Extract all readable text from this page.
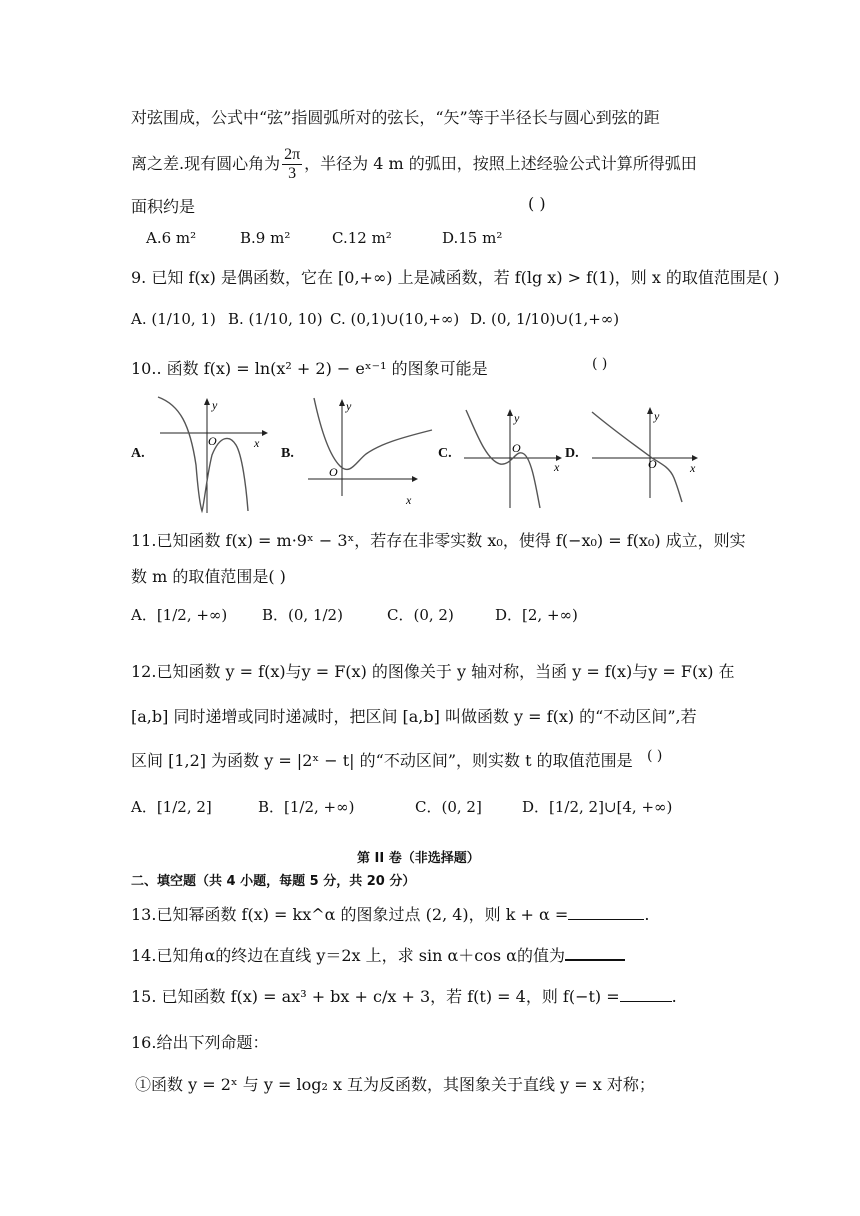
对弦围成，公式中“弦”指圆弧所对的弦长，“矢”等于半径长与圆心到弦的距
离之差.现有圆心角为 $\frac{2\pi}{3}$ ，半径为 4 m 的弧田，按照上述经验公式计算所得弧田
面积约是	( )
A.6 m²	B.9 m²	C.12 m²	D.15 m²
9. 已知 f(x) 是偶函数，它在 [0,+∞) 上是减函数，若 f(lg x) > f(1)，则 x 的取值范围是( )
A. (1/10, 1) B. (1/10, 10) C. (0,1)∪(10,+∞) D. (0, 1/10)∪(1,+∞)
10.. 函数 f(x) = ln(x² + 2) − eˣ⁻¹ 的图象可能是	( )
A.
y
x
O
B.
y
x
O
C.
y
x
O	D.
y
x
O
11.已知函数 f(x) = m·9ˣ − 3ˣ，若存在非零实数 x₀，使得 f(−x₀) = f(x₀) 成立，则实
数 m 的取值范围是( )
A．[1/2, +∞) B．(0, 1/2)	C．(0, 2)	D．[2, +∞)
12.已知函数 y = f(x)与y = F(x) 的图像关于 y 轴对称，当函 y = f(x)与y = F(x) 在
[a,b] 同时递增或同时递减时，把区间 [a,b] 叫做函数 y = f(x) 的“不动区间”,若
区间 [1,2] 为函数 y = |2ˣ − t| 的“不动区间”，则实数 t 的取值范围是	( )
A．[1/2, 2]	B．[1/2, +∞)	C．(0, 2]	D．[1/2, 2]∪[4, +∞)
第 II 卷（非选择题）
二、填空题（共 4 小题，每题 5 分，共 20 分）
13.已知幂函数 f(x) = kx^α 的图象过点 (2, 4)，则 k + α =	.
14.已知角α的终边在直线 y＝2x 上，求 sin α＋cos α的值为
15. 已知函数 f(x) = ax³ + bx + c/x + 3，若 f(t) = 4，则 f(−t) =	.
16.给出下列命题：
①函数 y = 2ˣ 与 y = log₂ x 互为反函数，其图象关于直线 y = x 对称；
